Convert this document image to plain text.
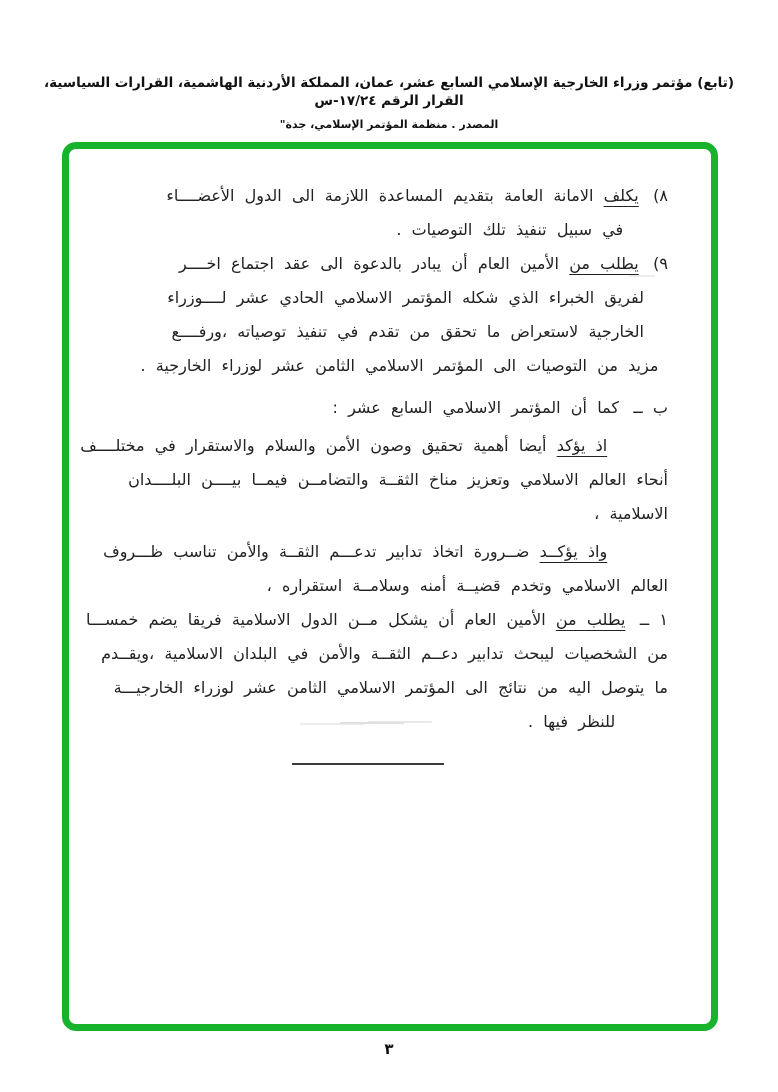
(تابع) مؤتمر وزراء الخارجية الإسلامي السابع عشر، عمان، المملكة الأردنية الهاشمية، القرارات السياسية، القرار الرقم ١٧/٢٤-س
المصدر . منظمة المؤتمر الإسلامي، جدة"
٨)يكلف الامانة العامة بتقديم المساعدة اللازمة الى الدول الأعضــــاء
في سبيل تنفيذ تلك التوصيات .
٩)يطلب من الأمين العام أن يبادر بالدعوة الى عقد اجتماع اخــــر
لفريق الخبراء الذي شكله المؤتمر الاسلامي الحادي عشر لــــوزراء
الخارجية لاستعراض ما تحقق من تقدم في تنفيذ توصياته ،ورفــــع
مزيد من التوصيات الى المؤتمر الاسلامي الثامن عشر لوزراء الخارجية .
ب ــكما أن المؤتمر الاسلامي السابع عشر :
اذ يؤكد أيضا أهمية تحقيق وصون الأمن والسلام والاستقرار في مختلــــف
أنحاء العالم الاسلامي وتعزيز مناخ الثقــة والتضامــن فيمــا بيــــن البلــــدان
الاسلامية ،
واذ يؤكــد ضــرورة اتخاذ تدابير تدعـــم الثقــة والأمن تناسب ظـــروف
العالم الاسلامي وتخدم قضيــة أمنه وسلامــة استقراره ،
١ ــيطلب من الأمين العام أن يشكل مــن الدول الاسلامية فريقا يضم خمســـا
من الشخصيات ليبحث تدابير دعــم الثقــة والأمن في البلدان الاسلامية ،ويقــدم
ما يتوصل اليه من نتائج الى المؤتمر الاسلامي الثامن عشر لوزراء الخارجيـــة
للنظر فيها .
٣
